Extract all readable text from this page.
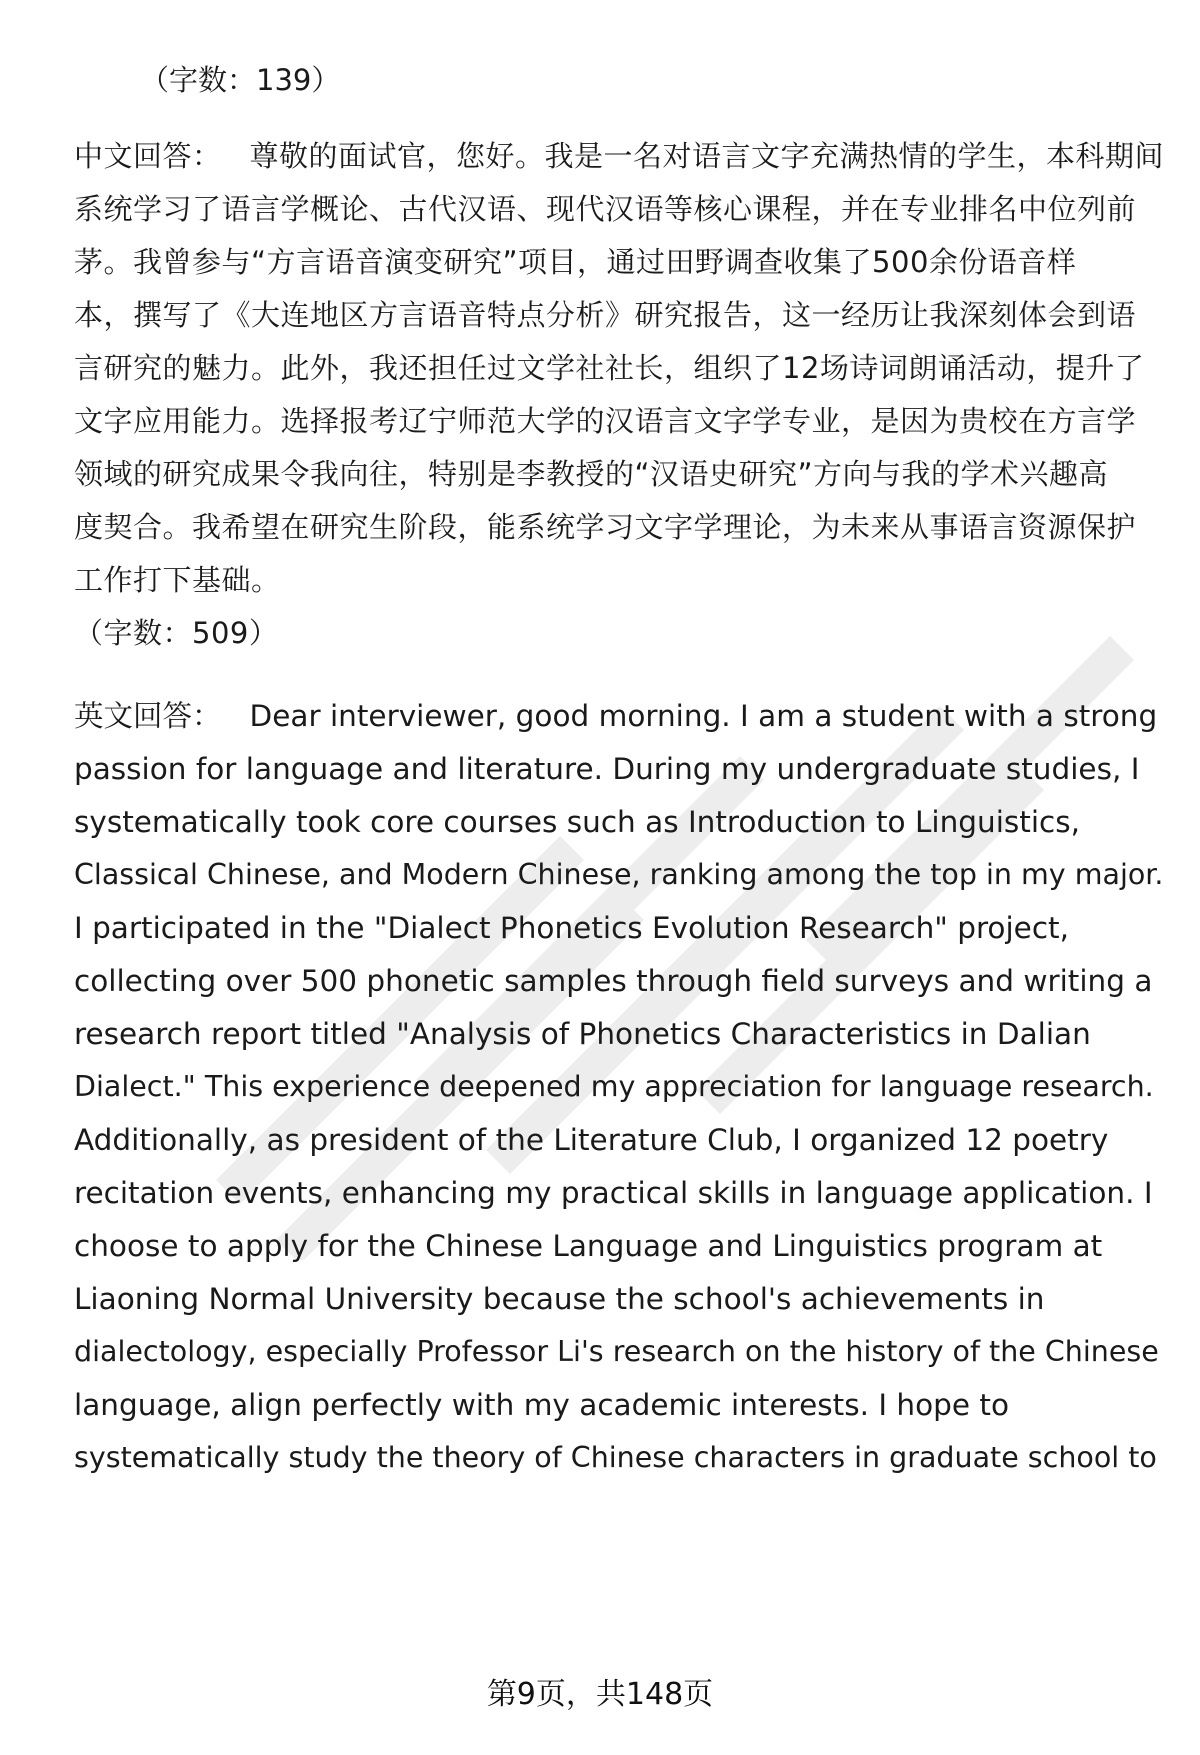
（字数：139）
中文回答： 尊敬的面试官，您好。我是一名对语言文字充满热情的学生，本科期间
系统学习了语言学概论、古代汉语、现代汉语等核心课程，并在专业排名中位列前
茅。我曾参与“方言语音演变研究”项目，通过田野调查收集了500余份语音样
本，撰写了《大连地区方言语音特点分析》研究报告，这一经历让我深刻体会到语
言研究的魅力。此外，我还担任过文学社社长，组织了12场诗词朗诵活动，提升了
文字应用能力。选择报考辽宁师范大学的汉语言文字学专业，是因为贵校在方言学
领域的研究成果令我向往，特别是李教授的“汉语史研究”方向与我的学术兴趣高
度契合。我希望在研究生阶段，能系统学习文字学理论，为未来从事语言资源保护
工作打下基础。
（字数：509）
英文回答： Dear interviewer, good morning. I am a student with a strong
passion for language and literature. During my undergraduate studies, I
systematically took core courses such as Introduction to Linguistics,
Classical Chinese, and Modern Chinese, ranking among the top in my major.
I participated in the "Dialect Phonetics Evolution Research" project,
collecting over 500 phonetic samples through field surveys and writing a
research report titled "Analysis of Phonetics Characteristics in Dalian
Dialect." This experience deepened my appreciation for language research.
Additionally, as president of the Literature Club, I organized 12 poetry
recitation events, enhancing my practical skills in language application. I
choose to apply for the Chinese Language and Linguistics program at
Liaoning Normal University because the school's achievements in
dialectology, especially Professor Li's research on the history of the Chinese
language, align perfectly with my academic interests. I hope to
systematically study the theory of Chinese characters in graduate school to
第9页，共148页
